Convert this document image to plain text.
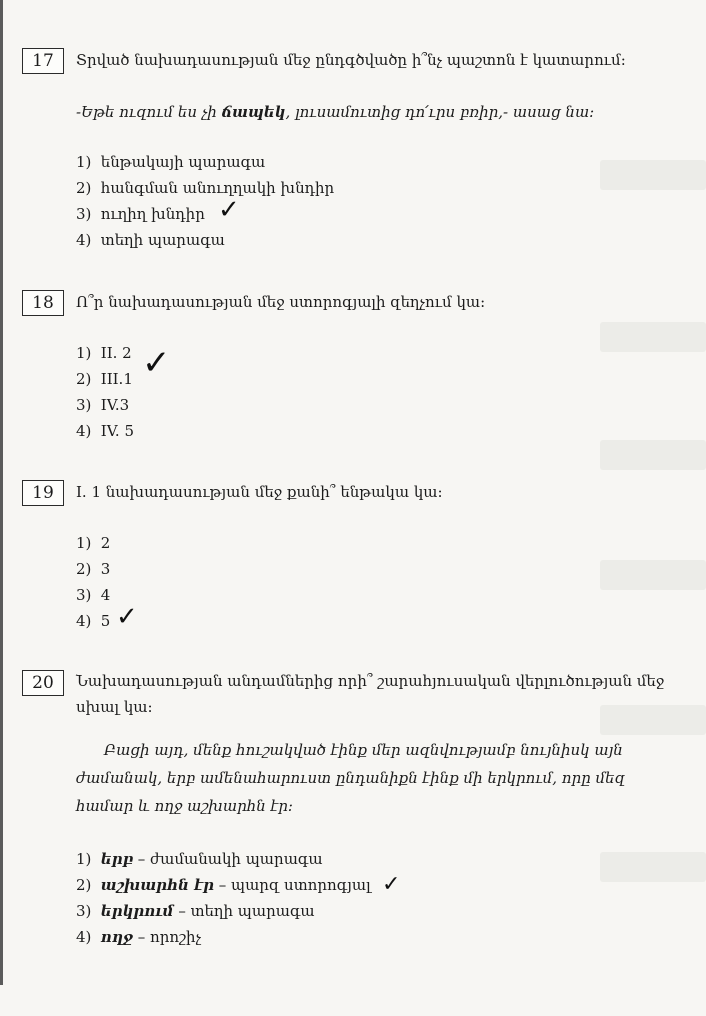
17	Տրված նախադասության մեջ ընդգծվածը ի՞նչ պաշտոն է կատարում:
-Եթե ուզում ես չի ճապեկ, լուսամուտից դո՛ւրս բռիր,- ասաց նա:
1) ենթակայի պարագա
2) հանգման անուղղակի խնդիր
3) ուղիղ խնդիր ✓
4) տեղի պարագա
18	Ո՞ր նախադասության մեջ ստորոգյալի զեղչում կա:
1) II. 2
2) III.1 ✓
3) IV.3
4) IV. 5
19	I. 1 նախադասության մեջ քանի՞ ենթակա կա:
1) 2
2) 3
3) 4
4) 5 ✓
20	Նախադասության անդամներից որի՞ շարահյուսական վերլուծության մեջ սխալ կա:
Բացի այդ, մենք հուշակված էինք մեր ազնվությամբ նույնիսկ այն ժամանակ, երբ ամենահարուստ ընդանիքն էինք մի երկրում, որը մեզ համար և ողջ աշխարհն էր:
1) երբ – ժամանակի պարագա
2) աշխարհն էր – պարզ ստորոգյալ ✓
3) երկրում – տեղի պարագա
4) ողջ – որոշիչ
